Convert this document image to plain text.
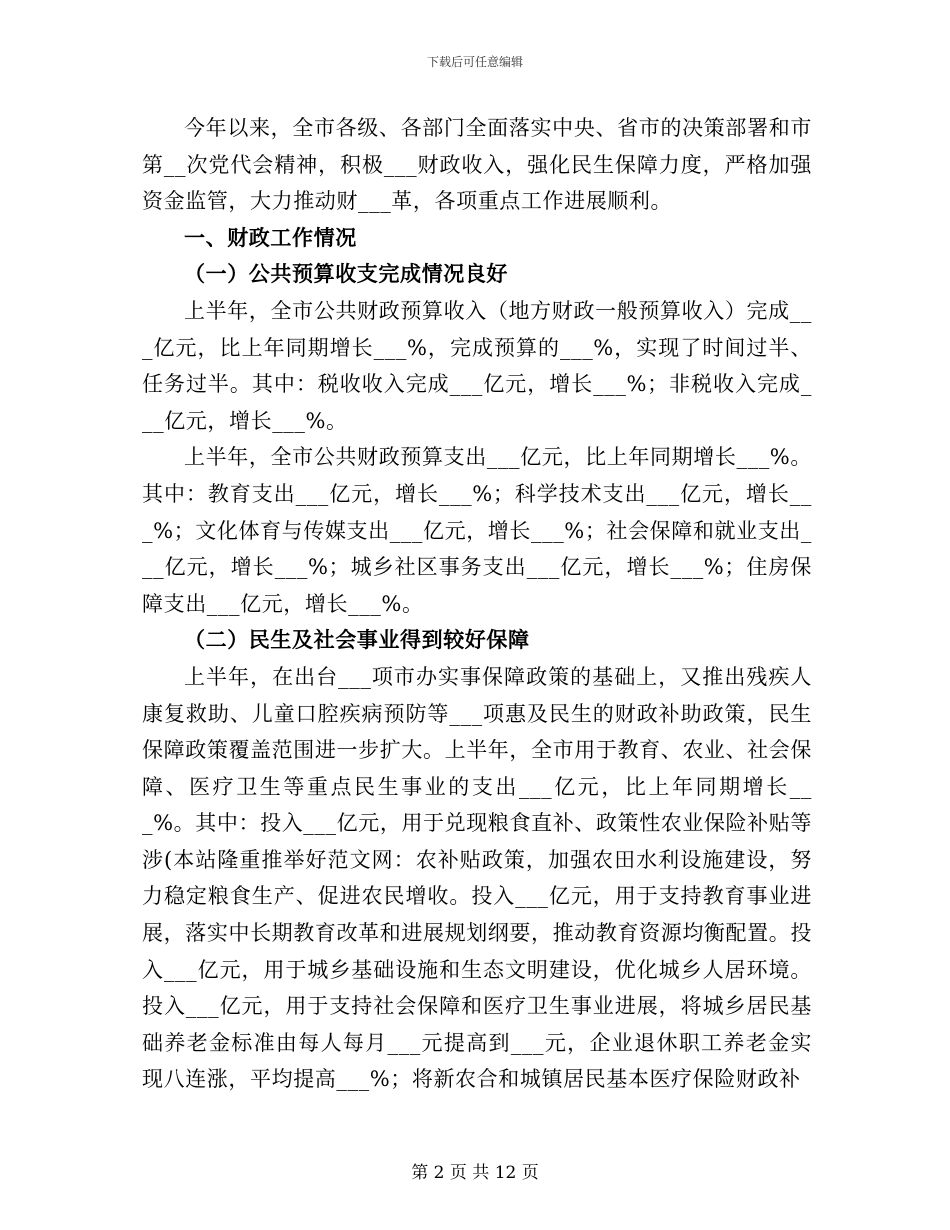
下载后可任意编辑

今年以来，全市各级、各部门全面落实中央、省市的决策部署和市第__次党代会精神，积极___财政收入，强化民生保障力度，严格加强资金监管，大力推动财___革，各项重点工作进展顺利。

一、财政工作情况

（一）公共预算收支完成情况良好

上半年，全市公共财政预算收入（地方财政一般预算收入）完成___亿元，比上年同期增长___%，完成预算的___%，实现了时间过半、任务过半。其中：税收收入完成___亿元，增长___%；非税收入完成___亿元，增长___%。

上半年，全市公共财政预算支出___亿元，比上年同期增长___%。其中：教育支出___亿元，增长___%；科学技术支出___亿元，增长___%；文化体育与传媒支出___亿元，增长___%；社会保障和就业支出___亿元，增长___%；城乡社区事务支出___亿元，增长___%；住房保障支出___亿元，增长___%。

（二）民生及社会事业得到较好保障

上半年，在出台___项市办实事保障政策的基础上，又推出残疾人康复救助、儿童口腔疾病预防等___项惠及民生的财政补助政策，民生保障政策覆盖范围进一步扩大。上半年，全市用于教育、农业、社会保障、医疗卫生等重点民生事业的支出___亿元，比上年同期增长___%。其中：投入___亿元，用于兑现粮食直补、政策性农业保险补贴等涉(本站隆重推举好范文网：农补贴政策，加强农田水利设施建设，努力稳定粮食生产、促进农民增收。投入___亿元，用于支持教育事业进展，落实中长期教育改革和进展规划纲要，推动教育资源均衡配置。投入___亿元，用于城乡基础设施和生态文明建设，优化城乡人居环境。投入___亿元，用于支持社会保障和医疗卫生事业进展，将城乡居民基础养老金标准由每人每月___元提高到___元，企业退休职工养老金实现八连涨，平均提高___%；将新农合和城镇居民基本医疗保险财政补

第 2 页 共 12 页
